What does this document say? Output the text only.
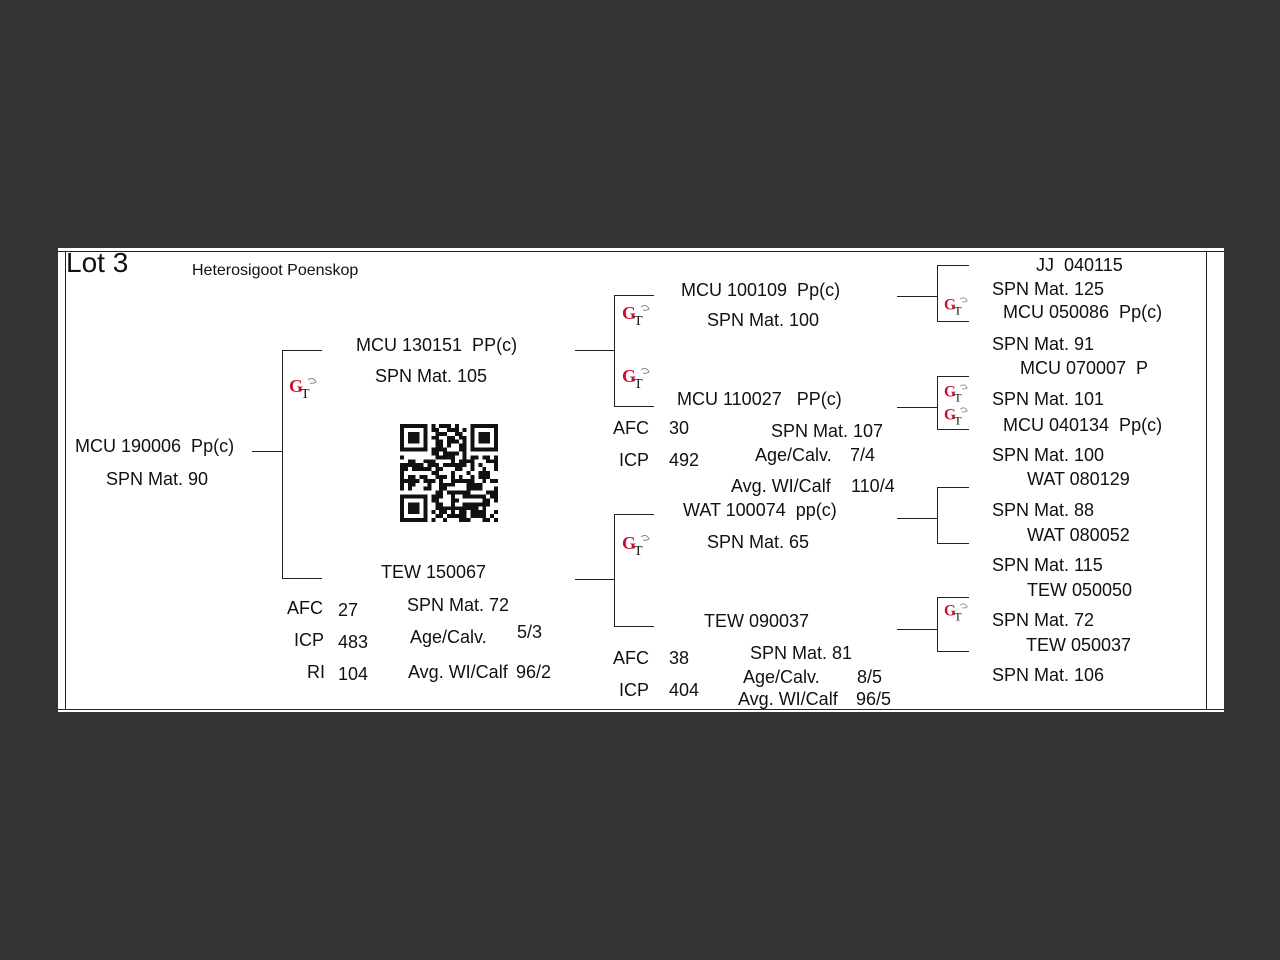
Lot 3	Heterosigoot Poenskop
G
T
G
T
G
T
G
T
G
T
G
T
G
T
G
T
MCU 190006  Pp(c)
SPN Mat. 90
MCU 130151  PP(c)
SPN Mat. 105
TEW 150067
SPN Mat. 72
AFC 27
ICP 483
RI 104
Age/Calv. 5/3
Avg. WI/Calf 96/2
MCU 100109  Pp(c)
SPN Mat. 100
MCU 110027   PP(c)
SPN Mat. 107
AFC 30
ICP 492	Age/Calv. 7/4
Avg. WI/Calf 110/4
WAT 100074  pp(c)
SPN Mat. 65
TEW 090037
SPN Mat. 81
AFC 38
ICP 404
Age/Calv. 8/5
Avg. WI/Calf 96/5
JJ  040115
SPN Mat. 125
MCU 050086  Pp(c)
SPN Mat. 91
MCU 070007  P
SPN Mat. 101
MCU 040134  Pp(c)
SPN Mat. 100
WAT 080129
SPN Mat. 88
WAT 080052
SPN Mat. 115
TEW 050050
SPN Mat. 72
TEW 050037
SPN Mat. 106
